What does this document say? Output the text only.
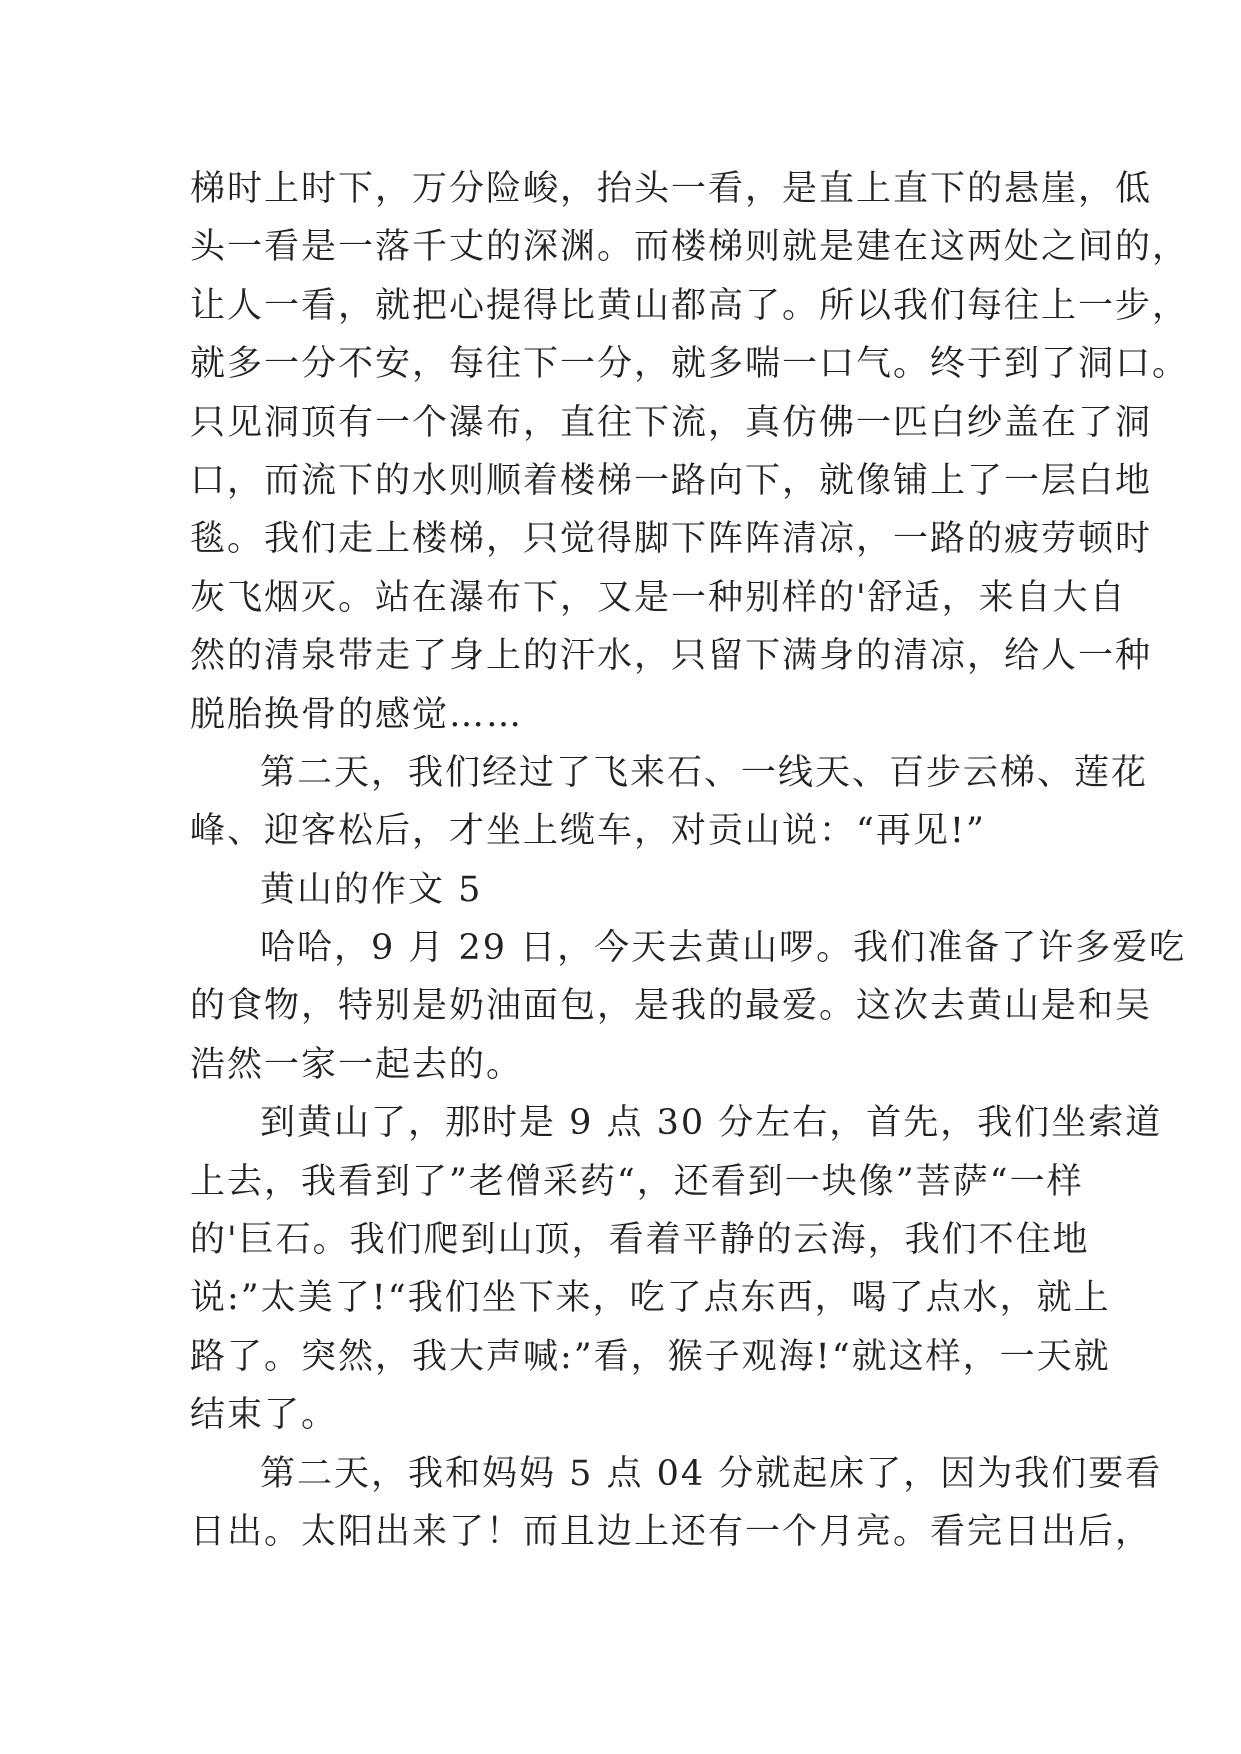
梯时上时下，万分险峻，抬头一看，是直上直下的悬崖，低
头一看是一落千丈的深渊。而楼梯则就是建在这两处之间的，
让人一看，就把心提得比黄山都高了。所以我们每往上一步，
就多一分不安，每往下一分，就多喘一口气。终于到了洞口。
只见洞顶有一个瀑布，直往下流，真仿佛一匹白纱盖在了洞
口，而流下的水则顺着楼梯一路向下，就像铺上了一层白地
毯。我们走上楼梯，只觉得脚下阵阵清凉，一路的疲劳顿时
灰飞烟灭。站在瀑布下，又是一种别样的'舒适，来自大自
然的清泉带走了身上的汗水，只留下满身的清凉，给人一种
脱胎换骨的感觉……
第二天，我们经过了飞来石、一线天、百步云梯、莲花
峰、迎客松后，才坐上缆车，对贡山说：“再见!”
黄山的作文 5
哈哈，9 月 29 日，今天去黄山啰。我们准备了许多爱吃
的食物，特别是奶油面包，是我的最爱。这次去黄山是和吴
浩然一家一起去的。
到黄山了，那时是 9 点 30 分左右，首先，我们坐索道
上去，我看到了”老僧采药“，还看到一块像”菩萨“一样
的'巨石。我们爬到山顶，看着平静的云海，我们不住地
说:”太美了!“我们坐下来，吃了点东西，喝了点水，就上
路了。突然，我大声喊:”看，猴子观海!“就这样，一天就
结束了。
第二天，我和妈妈 5 点 04 分就起床了，因为我们要看
日出。太阳出来了！而且边上还有一个月亮。看完日出后，
